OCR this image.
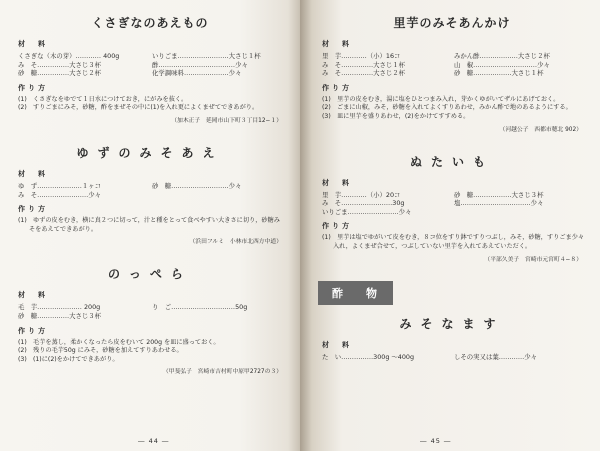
くさぎなのあえもの
材　料
くさぎな（木の芽）………… 400g	いりごま……………………大さじ１杯
み　そ……………大さじ３杯	酢………………………………少々
砂　糖……………大さじ２杯	化学調味料…………………少々
作り方
(1)　くさぎなをゆでて１日水につけておき，にがみを抜く。
(2)　すりごまにみそ，砂糖，酢をまぜその中に(1)を入れ更によくまぜてできあがり。
（加木正子　延岡市山下町３丁目12−１）
ゆずのみそあえ
材　料
ゆ　ず…………………１ヶコ	砂　糖………………………少々
み　そ……………………少々
作り方
(1)　ゆずの皮をむき，横に真２つに切って，汁と種をとって食べやすい大きさに切り，砂糖みそをあえてできあがり。
（浜田フルミ　小林市北西方中道）
のっぺら
材　料
毛　芋………………… 200g	り　ご…………………………50g
砂　糖……………大さじ３杯
作り方
(1)　毛芋を蒸し，柔かくなったら皮をむいて 200g を皿に盛っておく。
(2)　残りの毛芋50g にみそ，砂糖を加えてすりあわせる。
(3)　(1)に(2)をかけてできあがり。
（甲斐弘子　宮崎市吉村町中原甲2727の３）
― 44 ―
里芋のみそあんかけ
材　料
里　芋…………（小）16コ	みかん酢………………大さじ２杯
み　そ……………大さじ１杯	山　椒…………………………少々
み　そ……………大さじ２杯	砂　糖………………大さじ１杯
作り方
(1)　里芋の皮をむき，湯に塩をひとつまみ入れ，芽かくゆがいてザルにあげておく。
(2)　ごまに山椒，みそ，砂糖を入れてよくすりあわせ，みかん酢で地のあるようにする。
(3)　皿に里芋を盛りあわせ，(2)をかけてすすめる。
（河越公子　西都市穂北 902）
ぬたいも
材　料
里　芋…………（小）20コ	砂　糖………………大さじ３杯
み　そ……………………30g	塩……………………………少々
いりごま……………………少々
作り方
(1)　里芋は塩でゆがいて皮をむき，８コ位をすり鉢ですりつぶし，みそ，砂糖，すりごま少々入れ，よくまぜ合せて，つぶしていない里芋を入れてあえていただく。
（平部久美子　宮崎市元宮町４−８）
酢　物
みそなます
材　料
た　い……………300g ～400g	しその実又は葉…………少々
― 45 ―
